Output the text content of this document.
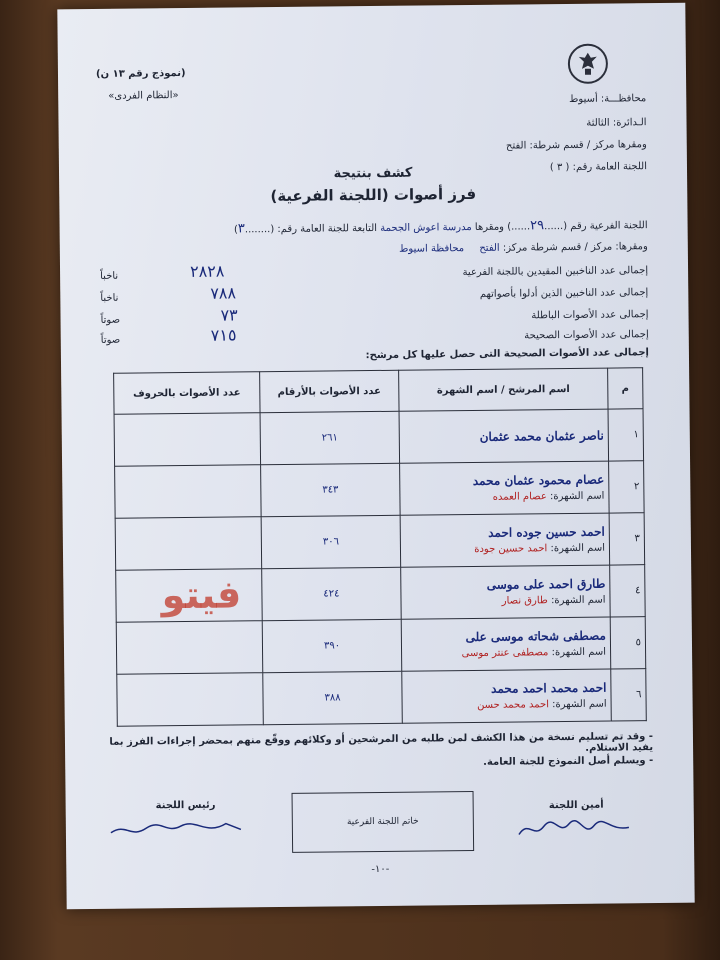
(نموذج رقم ١٣ ن)
«النظام الفردى»	محافظـــة: أسيوط
الـدائرة: الثالثة
ومقرها مركز / قسم شرطة: الفتح
اللجنة العامة رقم: ( ٣ )
كشف بنتيجة
فرز أصوات (اللجنة الفرعية)
اللجنة الفرعية رقم (......٢٩......) ومقرها مدرسة اعوش الجحمة التابعة للجنة العامة رقم: (........٣)
ومقرها: مركز / قسم شرطة مركز: الفتح محافظة اسيوط
إجمالى عدد الناخبين المقيدين باللجنة الفرعية
٢٨٢٨
ناخباً
إجمالى عدد الناخبين الذين أدلوا بأصواتهم
٧٨٨
ناخباً
إجمالى عدد الأصوات الباطلة
٧٣
صوتاً
إجمالى عدد الأصوات الصحيحة
٧١٥
صوتاً
إجمالى عدد الأصوات الصحيحة التى حصل عليها كل مرشح:
م	اسم المرشح / اسم الشهرة	عدد الأصوات بالأرقام	عدد الأصوات بالحروف
١	ناصر عثمان محمد عثمان	٢٦١	
٢	عصام محمود عثمان محمد
اسم الشهرة: عصام العمده	٣٤٣	
٣	احمد حسين جوده احمد
اسم الشهرة: احمد حسين جودة	٣٠٦	
٤	طارق احمد على موسى
اسم الشهرة: طارق نصار	٤٢٤	
٥	مصطفى شحاته موسى على
اسم الشهرة: مصطفى عنتر موسى	٣٩٠	
٦	احمد محمد احمد محمد
اسم الشهرة: احمد محمد حسن	٣٨٨	
فيتو
- وقد تم تسليم نسخة من هذا الكشف لمن طلبه من المرشحين أو وكلائهم ووقّع منهم بمحضر إجراءات الفرز بما يفيد الاستلام.
- ويسلم أصل النموذج للجنة العامة.
أمين اللجنة
خاتم اللجنة الفرعية
رئيس اللجنة
-١٠-
